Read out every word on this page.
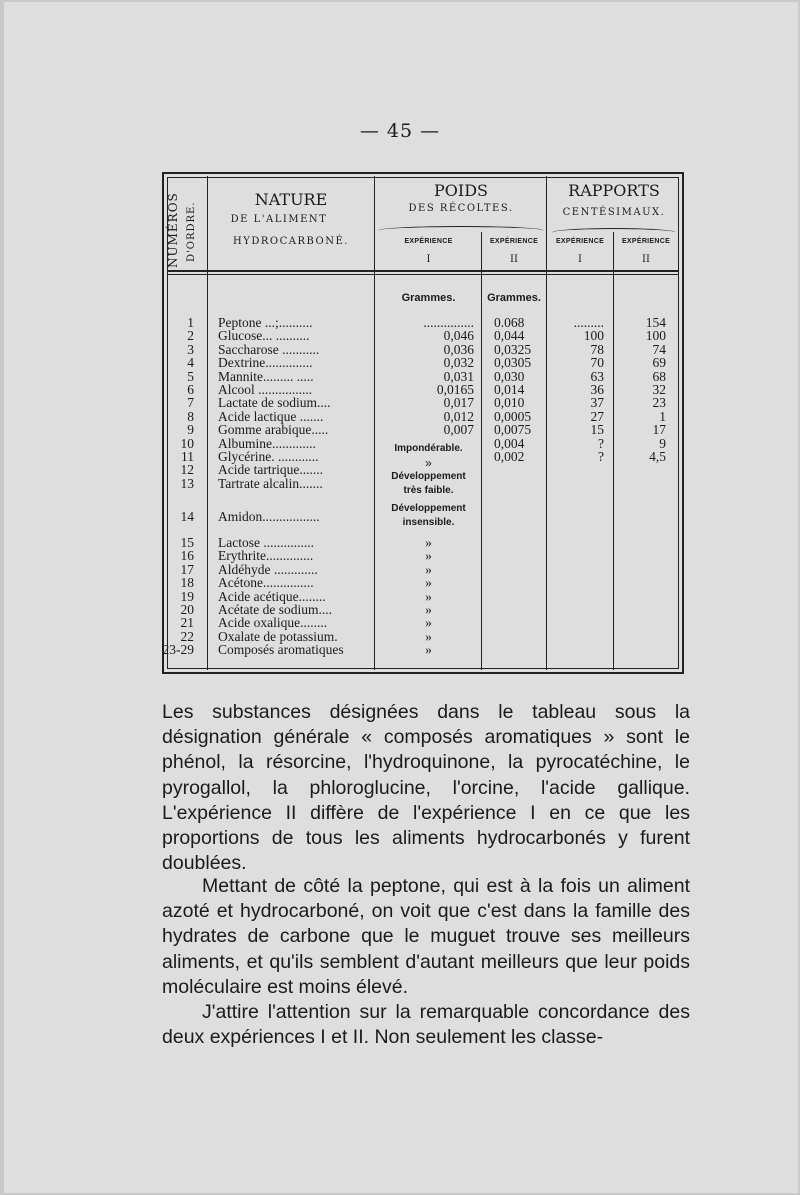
— 45 —
NUMÉROS D'ORDRE.
NATURE
DE L'ALIMENT
HYDROCARBONÉ.
POIDS
DES RÉCOLTES.
EXPÉRIENCE
I
EXPÉRIENCE
II
RAPPORTS
CENTÉSIMAUX.
EXPÉRIENCE
I
EXPÉRIENCE
II
Grammes.	Grammes.
1
2
3
4
5
6
7
8
9
10
11
12
13
Peptone ...;..........
Glucose... ..........
Saccharose ...........
Dextrine..............
Mannite......... .....
Alcool ................
Lactate de sodium....
Acide lactique .......
Gomme arabique.....
Albumine.............
Glycérine. ............
Acide tartrique.......
Tartrate alcalin.......
...............
0,046
0,036
0,032
0,031
0,0165
0,017
0,012
0,007
0.068
0,044
0,0325
0,0305
0,030
0,014
0,010
0,0005
0,0075
0,004
0,002
.........
100
78
70
63
36
37
27
15
?
?
154
100
74
69
68
32
23
1
17
9
4,5
Impondérable.
»
Développement
très faible.
14 Amidon.................
Développement
insensible.
15
16
17
18
19
20
21
22
23-29
Lactose ...............
Erythrite..............
Aldéhyde .............
Acétone...............
Acide acétique........
Acétate de sodium....
Acide oxalique........
Oxalate de potassium.
Composés aromatiques
»
»
»
»
»
»
»
»
»

Les substances désignées dans le tableau sous la désignation générale « composés aromatiques » sont le phénol, la résorcine, l'hydroquinone, la pyrocatéchine, le pyrogallol, la phloroglucine, l'orcine, l'acide gallique. L'expérience II diffère de l'expérience I en ce que les proportions de tous les aliments hydrocarbonés y furent doublées.

Mettant de côté la peptone, qui est à la fois un aliment azoté et hydrocarboné, on voit que c'est dans la famille des hydrates de carbone que le muguet trouve ses meilleurs aliments, et qu'ils semblent d'autant meilleurs que leur poids moléculaire est moins élevé.

J'attire l'attention sur la remarquable concordance des deux expériences I et II. Non seulement les classe-
